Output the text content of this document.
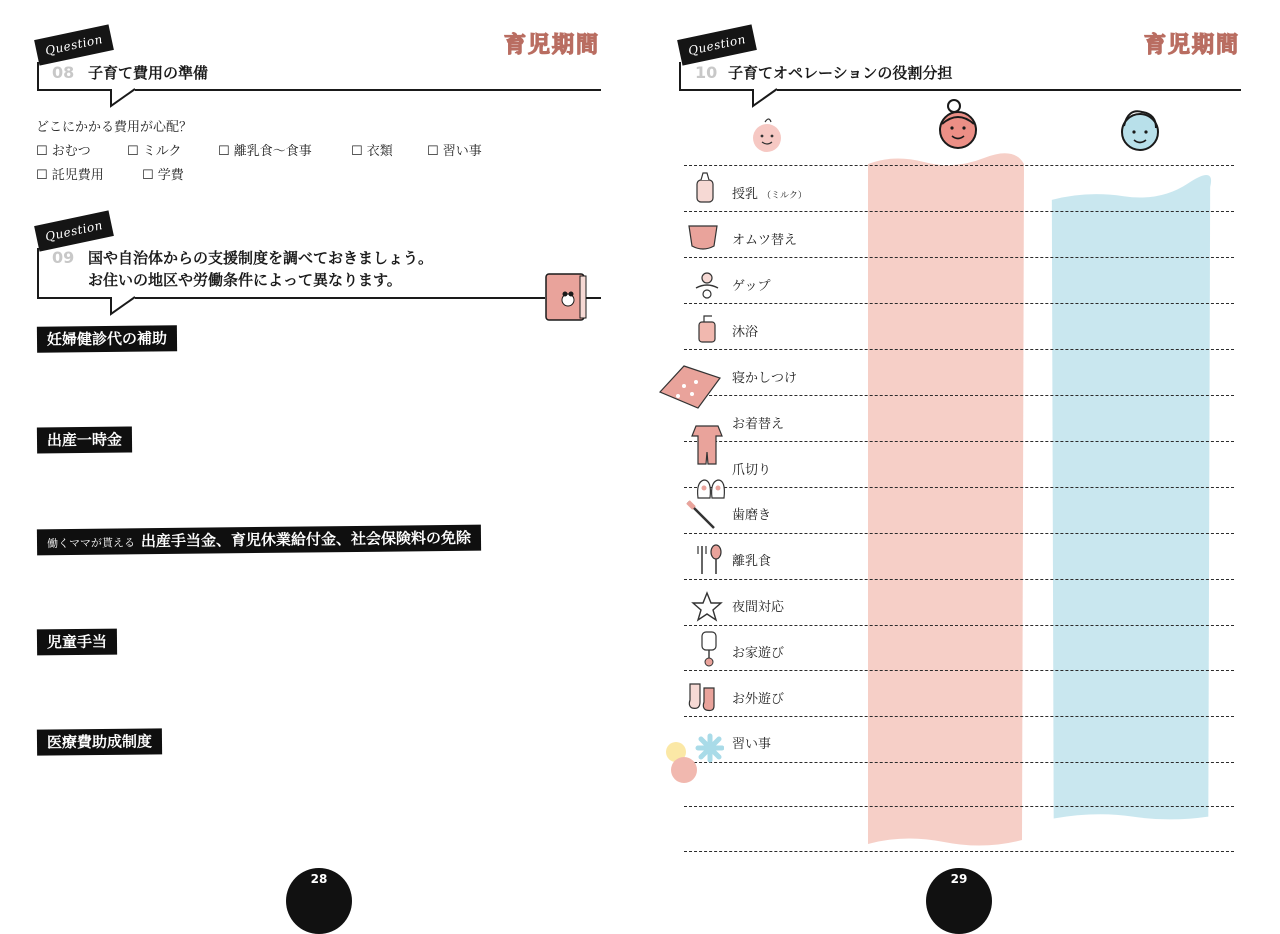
育児期間
Question
08 子育て費用の準備
どこにかかる費用が心配？
☐ おむつ	☐ ミルク	☐ 離乳食〜食事	☐ 衣類	☐ 習い事
☐ 託児費用	☐ 学費
Question
09 国や自治体からの支援制度を調べておきましょう。
お住いの地区や労働条件によって異なります。
妊婦健診代の補助
出産一時金
働くママが貰える 出産手当金、育児休業給付金、社会保険料の免除
児童手当
医療費助成制度
28
育児期間
Question
10 子育てオペレーションの役割分担
授乳 （ミルク）
オムツ替え
ゲップ
沐浴
寝かしつけ
お着替え
爪切り
歯磨き
離乳食
夜間対応
お家遊び
お外遊び
習い事
29
